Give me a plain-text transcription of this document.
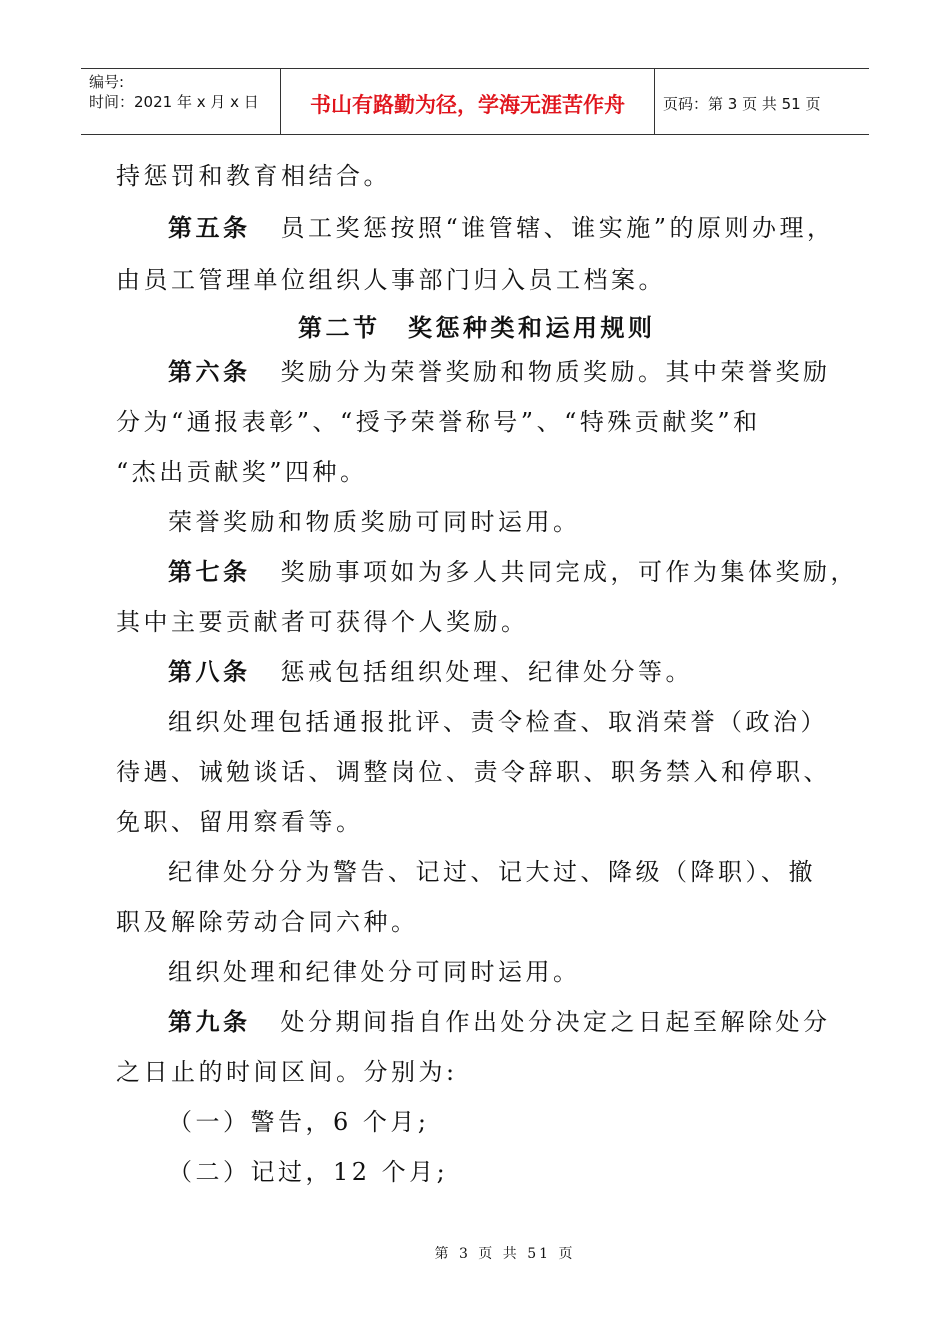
编号:
时间：2021 年 x 月 x 日	书山有路勤为径，学海无涯苦作舟	页码：第 3 页 共 51 页
持惩罚和教育相结合。
第五条 员工奖惩按照“谁管辖、谁实施”的原则办理，
由员工管理单位组织人事部门归入员工档案。
第二节　奖惩种类和运用规则
第六条 奖励分为荣誉奖励和物质奖励。其中荣誉奖励
分为“通报表彰”、“授予荣誉称号”、“特殊贡献奖”和
“杰出贡献奖”四种。
荣誉奖励和物质奖励可同时运用。
第七条 奖励事项如为多人共同完成，可作为集体奖励，
其中主要贡献者可获得个人奖励。
第八条 惩戒包括组织处理、纪律处分等。
组织处理包括通报批评、责令检查、取消荣誉（政治）
待遇、诫勉谈话、调整岗位、责令辞职、职务禁入和停职、
免职、留用察看等。
纪律处分分为警告、记过、记大过、降级（降职）、撤
职及解除劳动合同六种。
组织处理和纪律处分可同时运用。
第九条 处分期间指自作出处分决定之日起至解除处分
之日止的时间区间。分别为:
（一）警告，6 个月;
（二）记过，12 个月;
第 3 页 共 51 页
